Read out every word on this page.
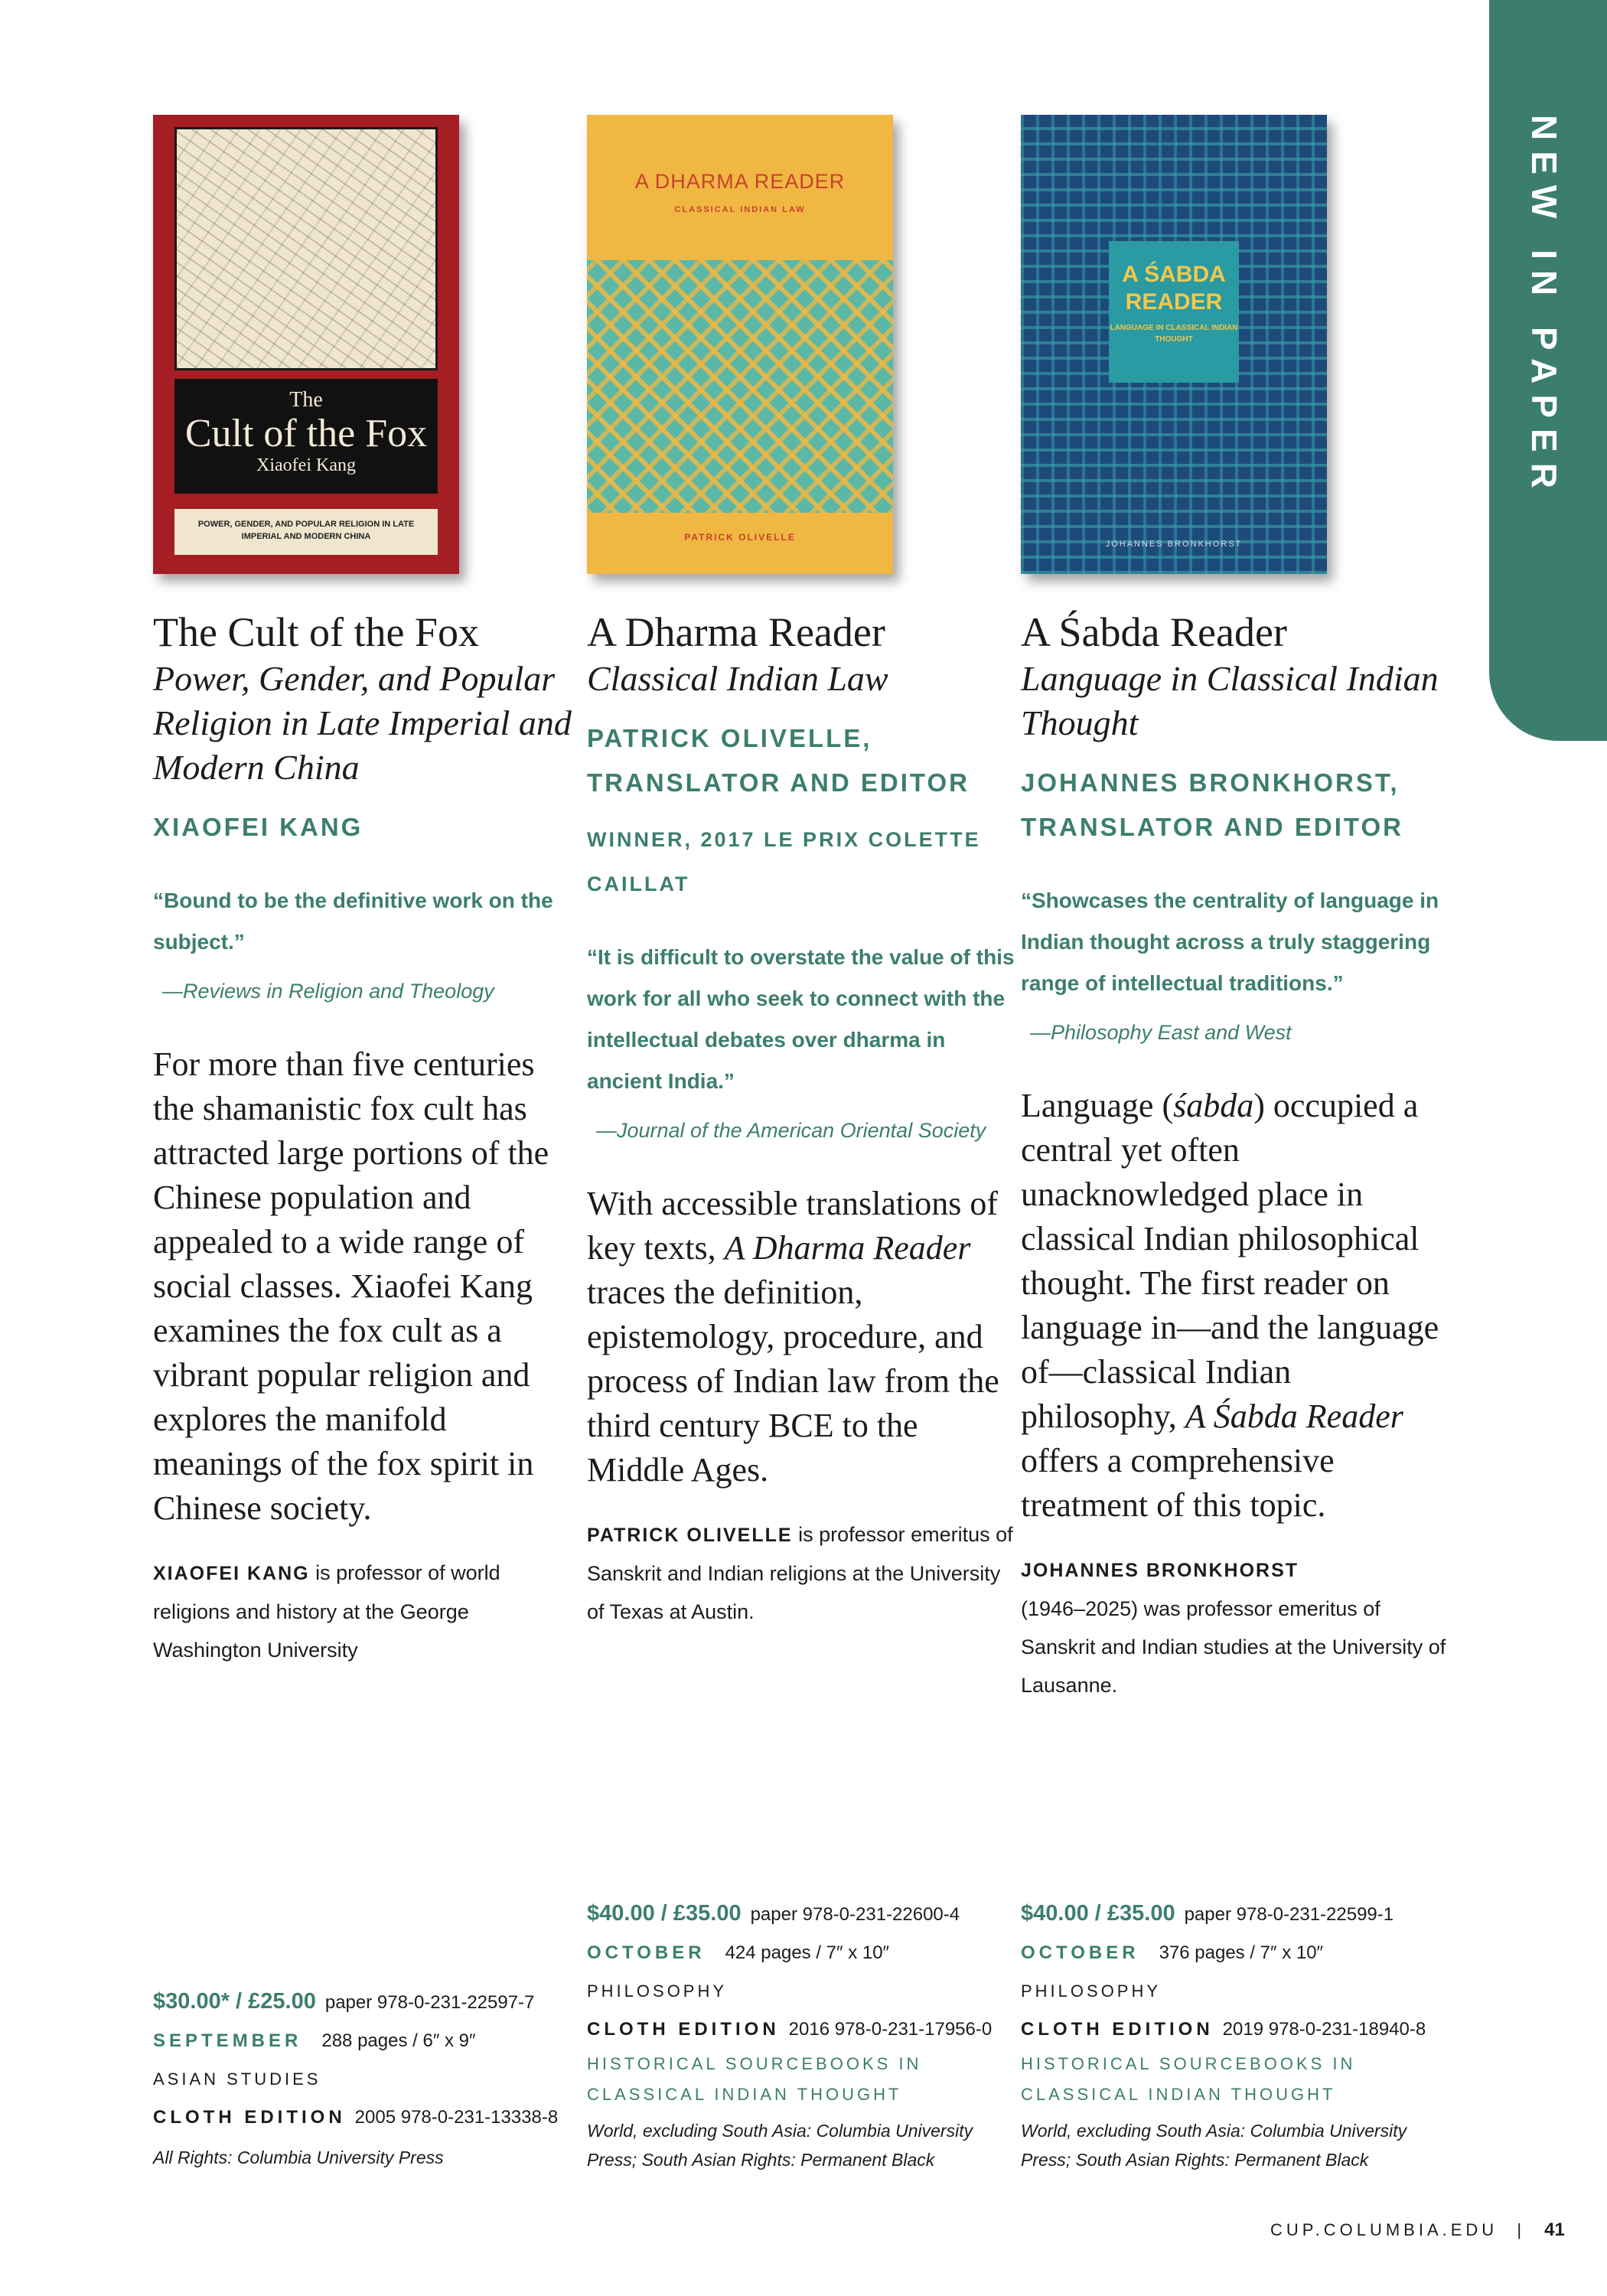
NEW IN PAPER
The
Cult of the Fox
Xiaofei Kang
POWER, GENDER, AND POPULAR RELIGION IN LATE IMPERIAL AND MODERN CHINA
The Cult of the Fox
Power, Gender, and Popular Religion in Late Imperial and Modern China
XIAOFEI KANG
“Bound to be the definitive work on the subject.”
—Reviews in Religion and Theology
For more than five centuries the shamanistic fox cult has attracted large portions of the Chinese population and appealed to a wide range of social classes. Xiaofei Kang examines the fox cult as a vibrant popular religion and explores the manifold meanings of the fox spirit in Chinese society.
XIAOFEI KANG is professor of world religions and history at the George Washington University
A DHARMA READER
CLASSICAL INDIAN LAW
PATRICK OLIVELLE
A Dharma Reader
Classical Indian Law
PATRICK OLIVELLE, TRANSLATOR AND EDITOR
WINNER, 2017 LE PRIX COLETTE CAILLAT
“It is difficult to overstate the value of this work for all who seek to connect with the intellectual debates over dharma in ancient India.”
—Journal of the American Oriental Society
With accessible translations of key texts, A Dharma Reader traces the definition, epistemology, procedure, and process of Indian law from the third century BCE to the Middle Ages.
PATRICK OLIVELLE is professor emeritus of Sanskrit and Indian religions at the University of Texas at Austin.
A ŚABDA READER
LANGUAGE IN CLASSICAL INDIAN THOUGHT
JOHANNES BRONKHORST
A Śabda Reader
Language in Classical Indian Thought
JOHANNES BRONKHORST, TRANSLATOR AND EDITOR
“Showcases the centrality of language in Indian thought across a truly staggering range of intellectual traditions.”
—Philosophy East and West
Language (śabda) occupied a central yet often unacknowledged place in classical Indian philosophical thought. The first reader on language in—and the language of—classical Indian philosophy, A Śabda Reader offers a comprehensive treatment of this topic.
JOHANNES BRONKHORST
(1946–2025) was professor emeritus of Sanskrit and Indian studies at the University of Lausanne.
$30.00* / £25.00 paper 978-0-231-22597-7
SEPTEMBER 288 pages / 6″ x 9″
ASIAN STUDIES
CLOTH EDITION 2005 978-0-231-13338-8
All Rights: Columbia University Press
$40.00 / £35.00 paper 978-0-231-22600-4
OCTOBER 424 pages / 7″ x 10″
PHILOSOPHY
CLOTH EDITION 2016 978-0-231-17956-0
HISTORICAL SOURCEBOOKS IN CLASSICAL INDIAN THOUGHT
World, excluding South Asia: Columbia University Press; South Asian Rights: Permanent Black
$40.00 / £35.00 paper 978-0-231-22599-1
OCTOBER 376 pages / 7″ x 10″
PHILOSOPHY
CLOTH EDITION 2019 978-0-231-18940-8
HISTORICAL SOURCEBOOKS IN CLASSICAL INDIAN THOUGHT
World, excluding South Asia: Columbia University Press; South Asian Rights: Permanent Black
CUP.COLUMBIA.EDU | 41
